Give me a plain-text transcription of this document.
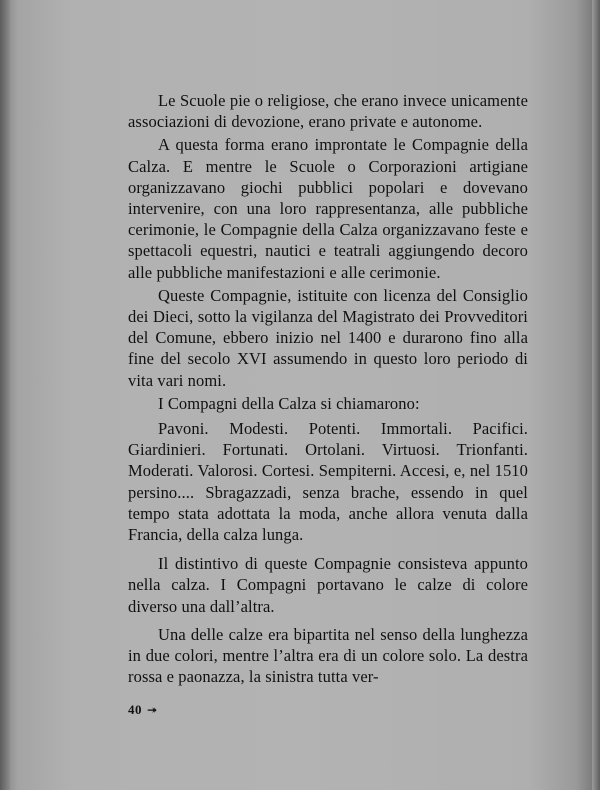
Le Scuole pie o religiose, che erano invece unicamente associazioni di devozione, erano private e autonome.

A questa forma erano improntate le Compagnie della Calza. E mentre le Scuole o Corporazioni artigiane organizzavano giochi pubblici popolari e dovevano intervenire, con una loro rappresentanza, alle pubbliche cerimonie, le Compagnie della Calza organizzavano feste e spettacoli equestri, nautici e teatrali aggiungendo decoro alle pubbliche manifestazioni e alle cerimonie.

Queste Compagnie, istituite con licenza del Consiglio dei Dieci, sotto la vigilanza del Magistrato dei Provveditori del Comune, ebbero inizio nel 1400 e durarono fino alla fine del secolo XVI assumendo in questo loro periodo di vita vari nomi.

I Compagni della Calza si chiamarono:

Pavoni. Modesti. Potenti. Immortali. Pacifici. Giardinieri. Fortunati. Ortolani. Virtuosi. Trionfanti. Moderati. Valorosi. Cortesi. Sempiterni. Accesi, e, nel 1510 persino.... Sbragazzadi, senza brache, essendo in quel tempo stata adottata la moda, anche allora venuta dalla Francia, della calza lunga.

Il distintivo di queste Compagnie consisteva appunto nella calza. I Compagni portavano le calze di colore diverso una dall’altra.

Una delle calze era bipartita nel senso della lunghezza in due colori, mentre l’altra era di un colore solo. La destra rossa e paonazza, la sinistra tutta ver-

40 ↠
